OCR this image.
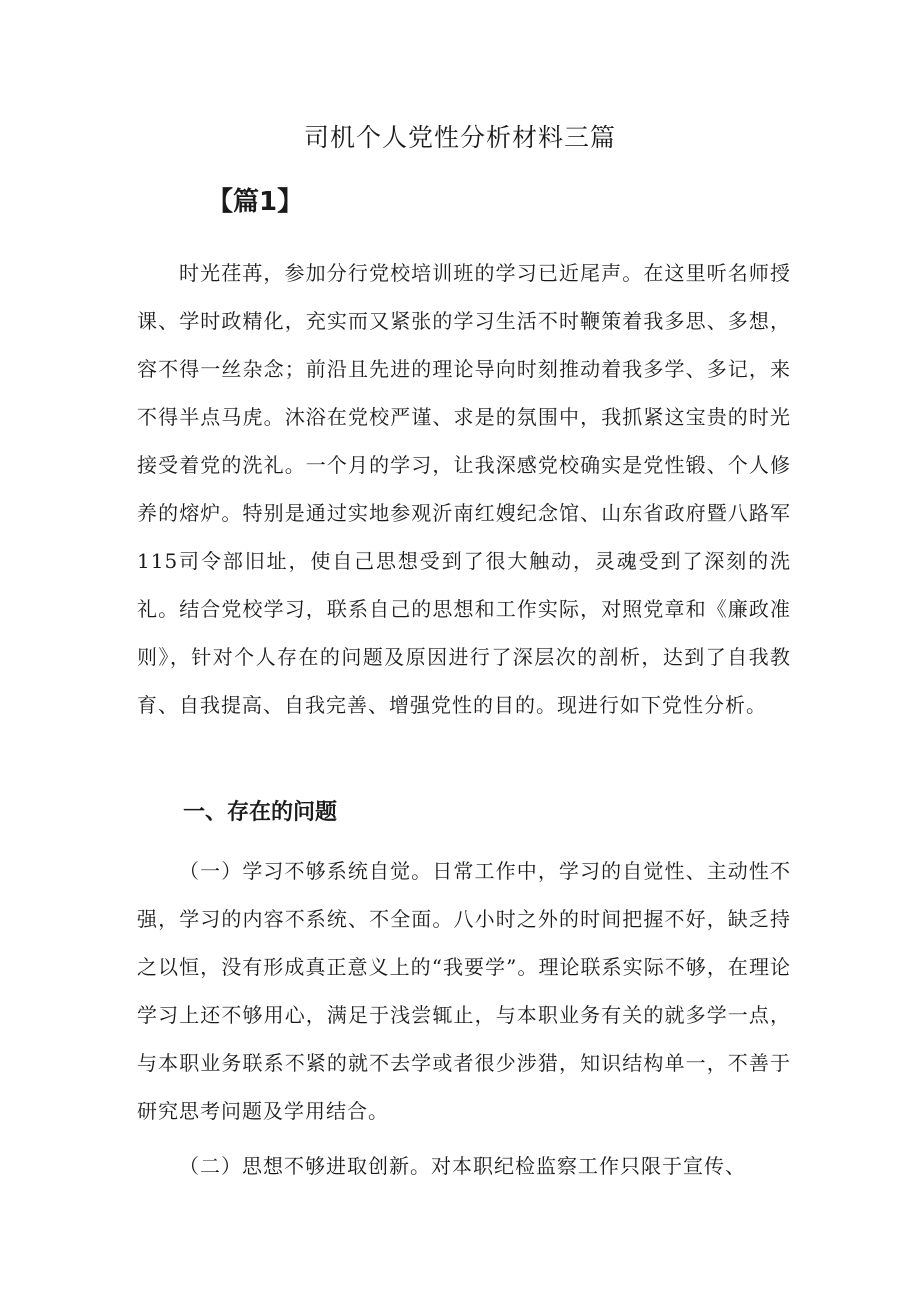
司机个人党性分析材料三篇
【篇1】

时光荏苒，参加分行党校培训班的学习已近尾声。在这里听名师授课、学时政精化，充实而又紧张的学习生活不时鞭策着我多思、多想，容不得一丝杂念；前沿且先进的理论导向时刻推动着我多学、多记，来不得半点马虎。沐浴在党校严谨、求是的氛围中，我抓紧这宝贵的时光接受着党的洗礼。一个月的学习，让我深感党校确实是党性锻、个人修养的熔炉。特别是通过实地参观沂南红嫂纪念馆、山东省政府暨八路军115司令部旧址，使自己思想受到了很大触动，灵魂受到了深刻的洗礼。结合党校学习，联系自己的思想和工作实际，对照党章和《廉政准则》，针对个人存在的问题及原因进行了深层次的剖析，达到了自我教育、自我提高、自我完善、增强党性的目的。现进行如下党性分析。

一、存在的问题

（一）学习不够系统自觉。日常工作中，学习的自觉性、主动性不强，学习的内容不系统、不全面。八小时之外的时间把握不好，缺乏持之以恒，没有形成真正意义上的“我要学”。理论联系实际不够，在理论学习上还不够用心，满足于浅尝辄止，与本职业务有关的就多学一点，与本职业务联系不紧的就不去学或者很少涉猎，知识结构单一，不善于研究思考问题及学用结合。

（二）思想不够进取创新。对本职纪检监察工作只限于宣传、
